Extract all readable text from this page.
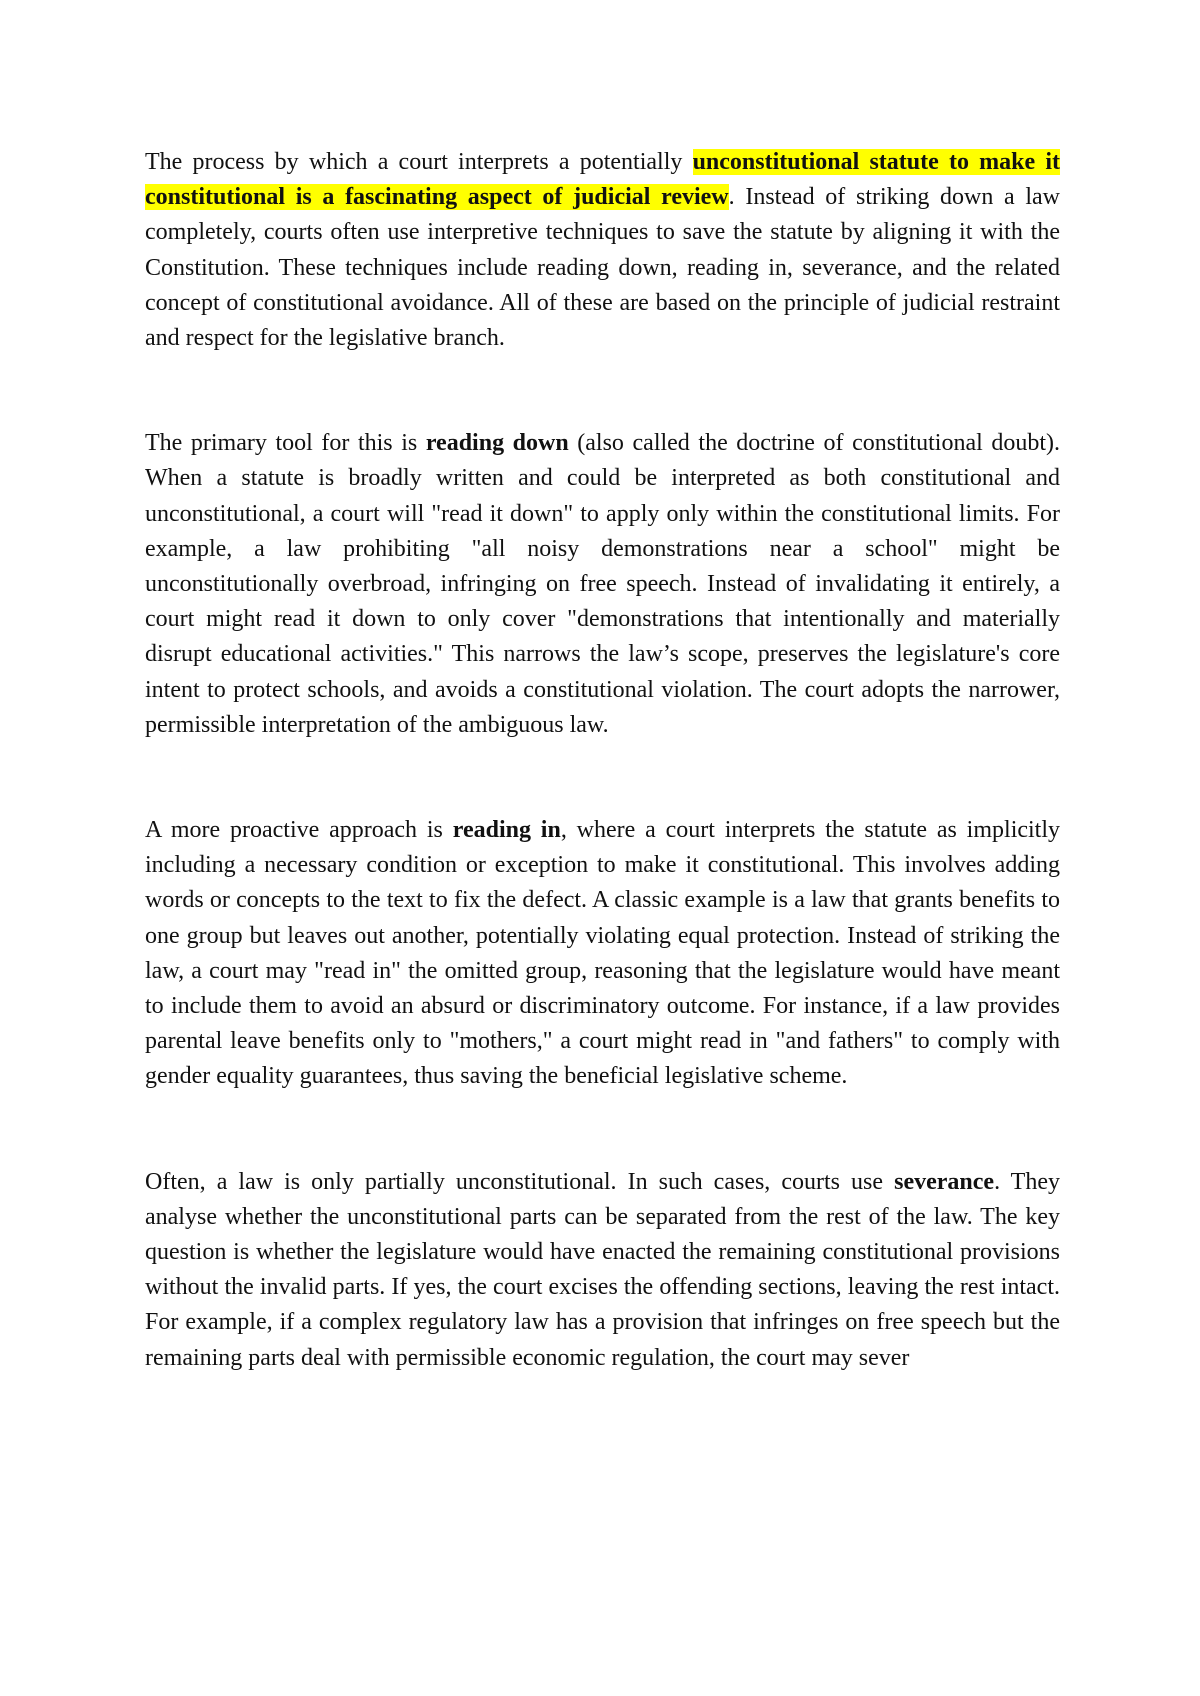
The process by which a court interprets a potentially unconstitutional statute to make it constitutional is a fascinating aspect of judicial review. Instead of striking down a law completely, courts often use interpretive techniques to save the statute by aligning it with the Constitution. These techniques include reading down, reading in, severance, and the related concept of constitutional avoidance. All of these are based on the principle of judicial restraint and respect for the legislative branch.

The primary tool for this is reading down (also called the doctrine of constitutional doubt). When a statute is broadly written and could be interpreted as both constitutional and unconstitutional, a court will "read it down" to apply only within the constitutional limits. For example, a law prohibiting "all noisy demonstrations near a school" might be unconstitutionally overbroad, infringing on free speech. Instead of invalidating it entirely, a court might read it down to only cover "demonstrations that intentionally and materially disrupt educational activities." This narrows the law’s scope, preserves the legislature's core intent to protect schools, and avoids a constitutional violation. The court adopts the narrower, permissible interpretation of the ambiguous law.

A more proactive approach is reading in, where a court interprets the statute as implicitly including a necessary condition or exception to make it constitutional. This involves adding words or concepts to the text to fix the defect. A classic example is a law that grants benefits to one group but leaves out another, potentially violating equal protection. Instead of striking the law, a court may "read in" the omitted group, reasoning that the legislature would have meant to include them to avoid an absurd or discriminatory outcome. For instance, if a law provides parental leave benefits only to "mothers," a court might read in "and fathers" to comply with gender equality guarantees, thus saving the beneficial legislative scheme.

Often, a law is only partially unconstitutional. In such cases, courts use severance. They analyse whether the unconstitutional parts can be separated from the rest of the law. The key question is whether the legislature would have enacted the remaining constitutional provisions without the invalid parts. If yes, the court excises the offending sections, leaving the rest intact. For example, if a complex regulatory law has a provision that infringes on free speech but the remaining parts deal with permissible economic regulation, the court may sever
